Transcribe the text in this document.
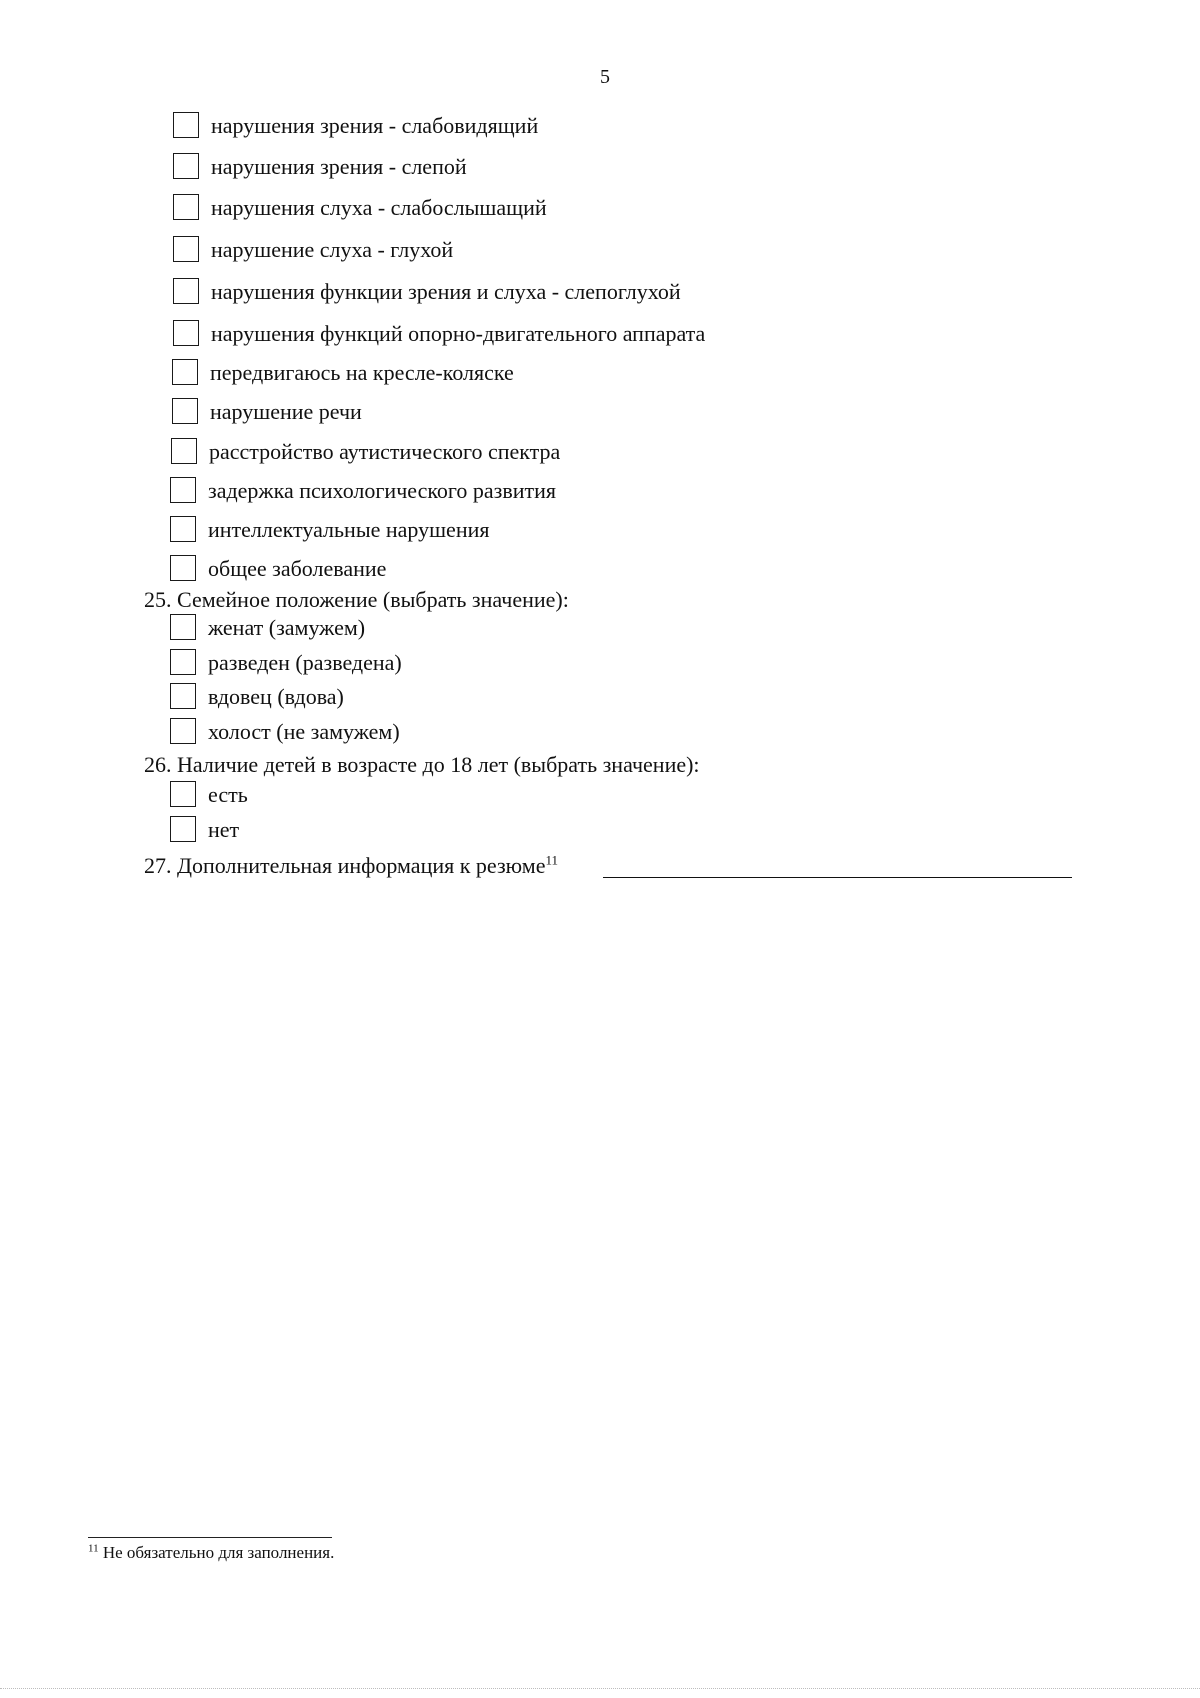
5
нарушения зрения - слабовидящий
нарушения зрения - слепой
нарушения слуха - слабослышащий
нарушение слуха - глухой
нарушения функции зрения и слуха - слепоглухой
нарушения функций опорно-двигательного аппарата
передвигаюсь на кресле-коляске
нарушение речи
расстройство аутистического спектра
задержка психологического развития
интеллектуальные нарушения
общее заболевание
25. Семейное положение (выбрать значение):
женат (замужем)
разведен (разведена)
вдовец (вдова)
холост (не замужем)
26. Наличие детей в возрасте до 18 лет (выбрать значение):
есть
нет
27. Дополнительная информация к резюме$^{11}$
$^{11}$ Не обязательно для заполнения.
